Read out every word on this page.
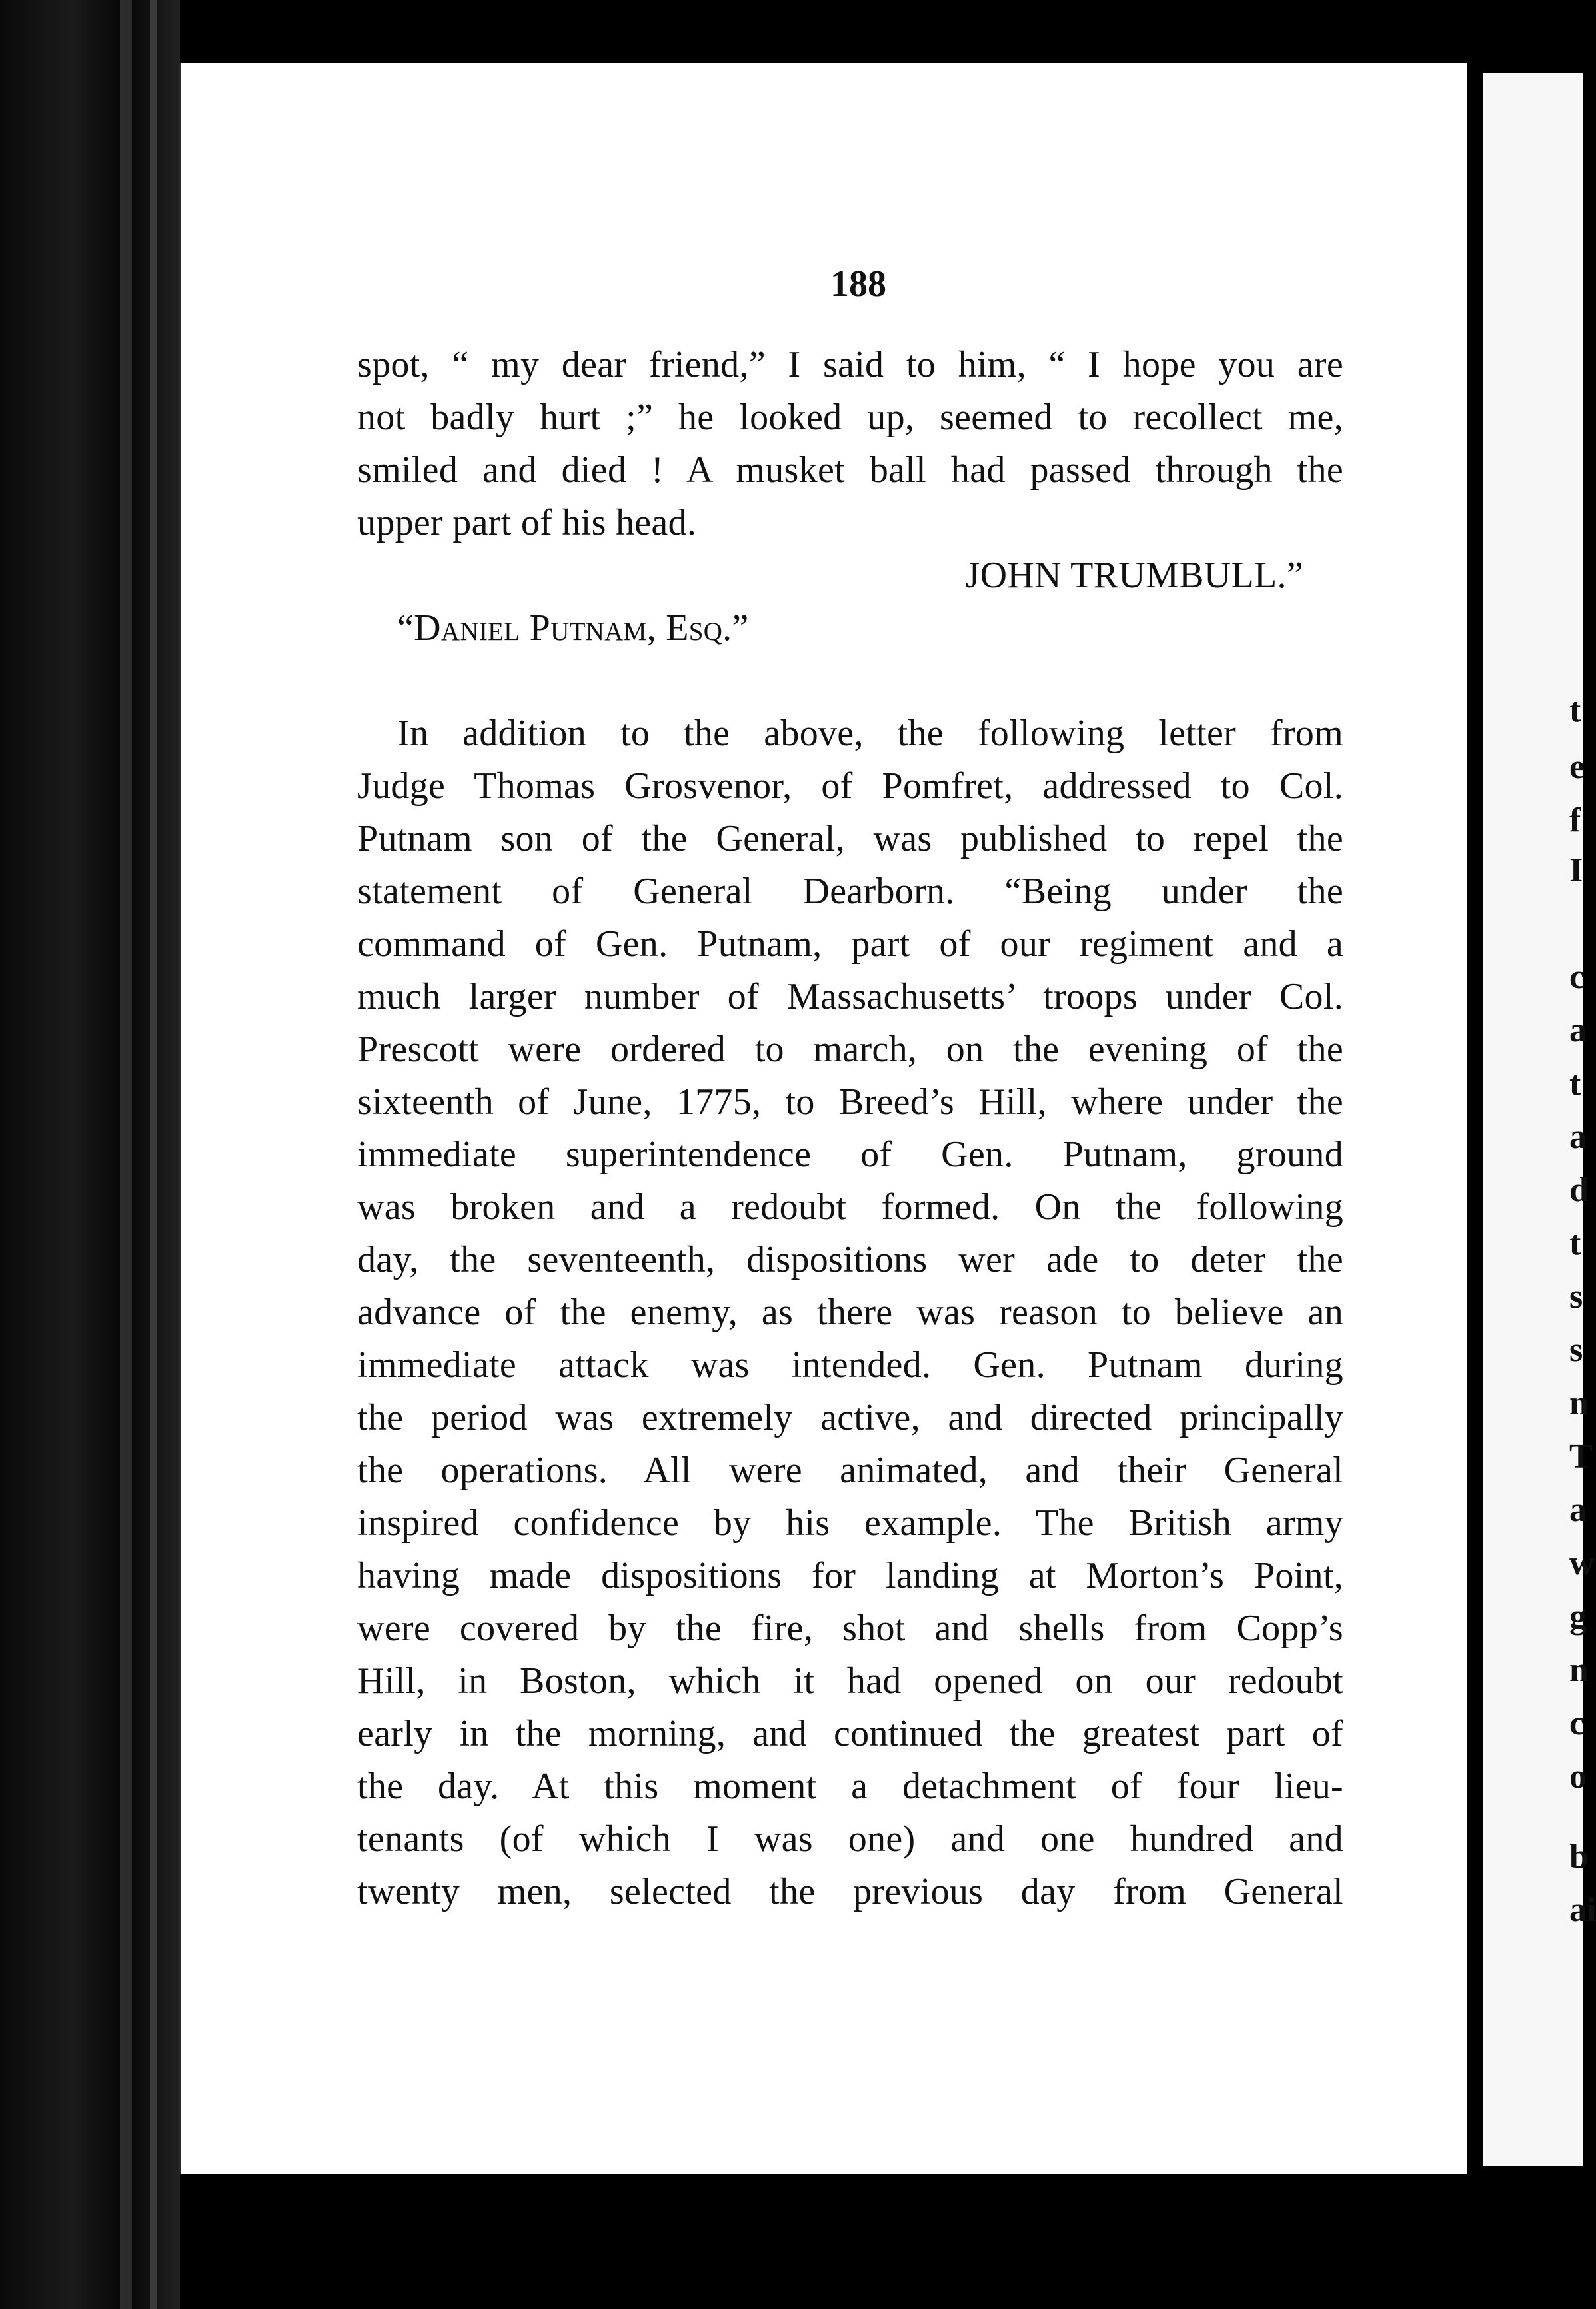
188

spot, “ my dear friend,” I said to him, “ I hope you are

not badly hurt ;” he looked up, seemed to recollect me,

smiled and died ! A musket ball had passed through the

upper part of his head.

JOHN TRUMBULL.”

“Daniel Putnam, Esq.”

In addition to the above, the following letter from

Judge Thomas Grosvenor, of Pomfret, addressed to Col.

Putnam son of the General, was published to repel the

statement of General Dearborn. “Being under the

command of Gen. Putnam, part of our regiment and a

much larger number of Massachusetts’ troops under Col.

Prescott were ordered to march, on the evening of the

sixteenth of June, 1775, to Breed’s Hill, where under the

immediate superintendence of Gen. Putnam, ground

was broken and a redoubt formed. On the following

day, the seventeenth, dispositions wer ade to deter the

advance of the enemy, as there was reason to believe an

immediate attack was intended. Gen. Putnam during

the period was extremely active, and directed principally

the operations. All were animated, and their General

inspired confidence by his example. The British army

having made dispositions for landing at Morton’s Point,

were covered by the fire, shot and shells from Copp’s

Hill, in Boston, which it had opened on our redoubt

early in the morning, and continued the greatest part of

the day. At this moment a detachment of four lieu-

tenants (of which I was one) and one hundred and

twenty men, selected the previous day from General

t

e

f

I

c

a

t

a

d

t

s

s

n

T

a

w

g

n

c

o

b

ai
